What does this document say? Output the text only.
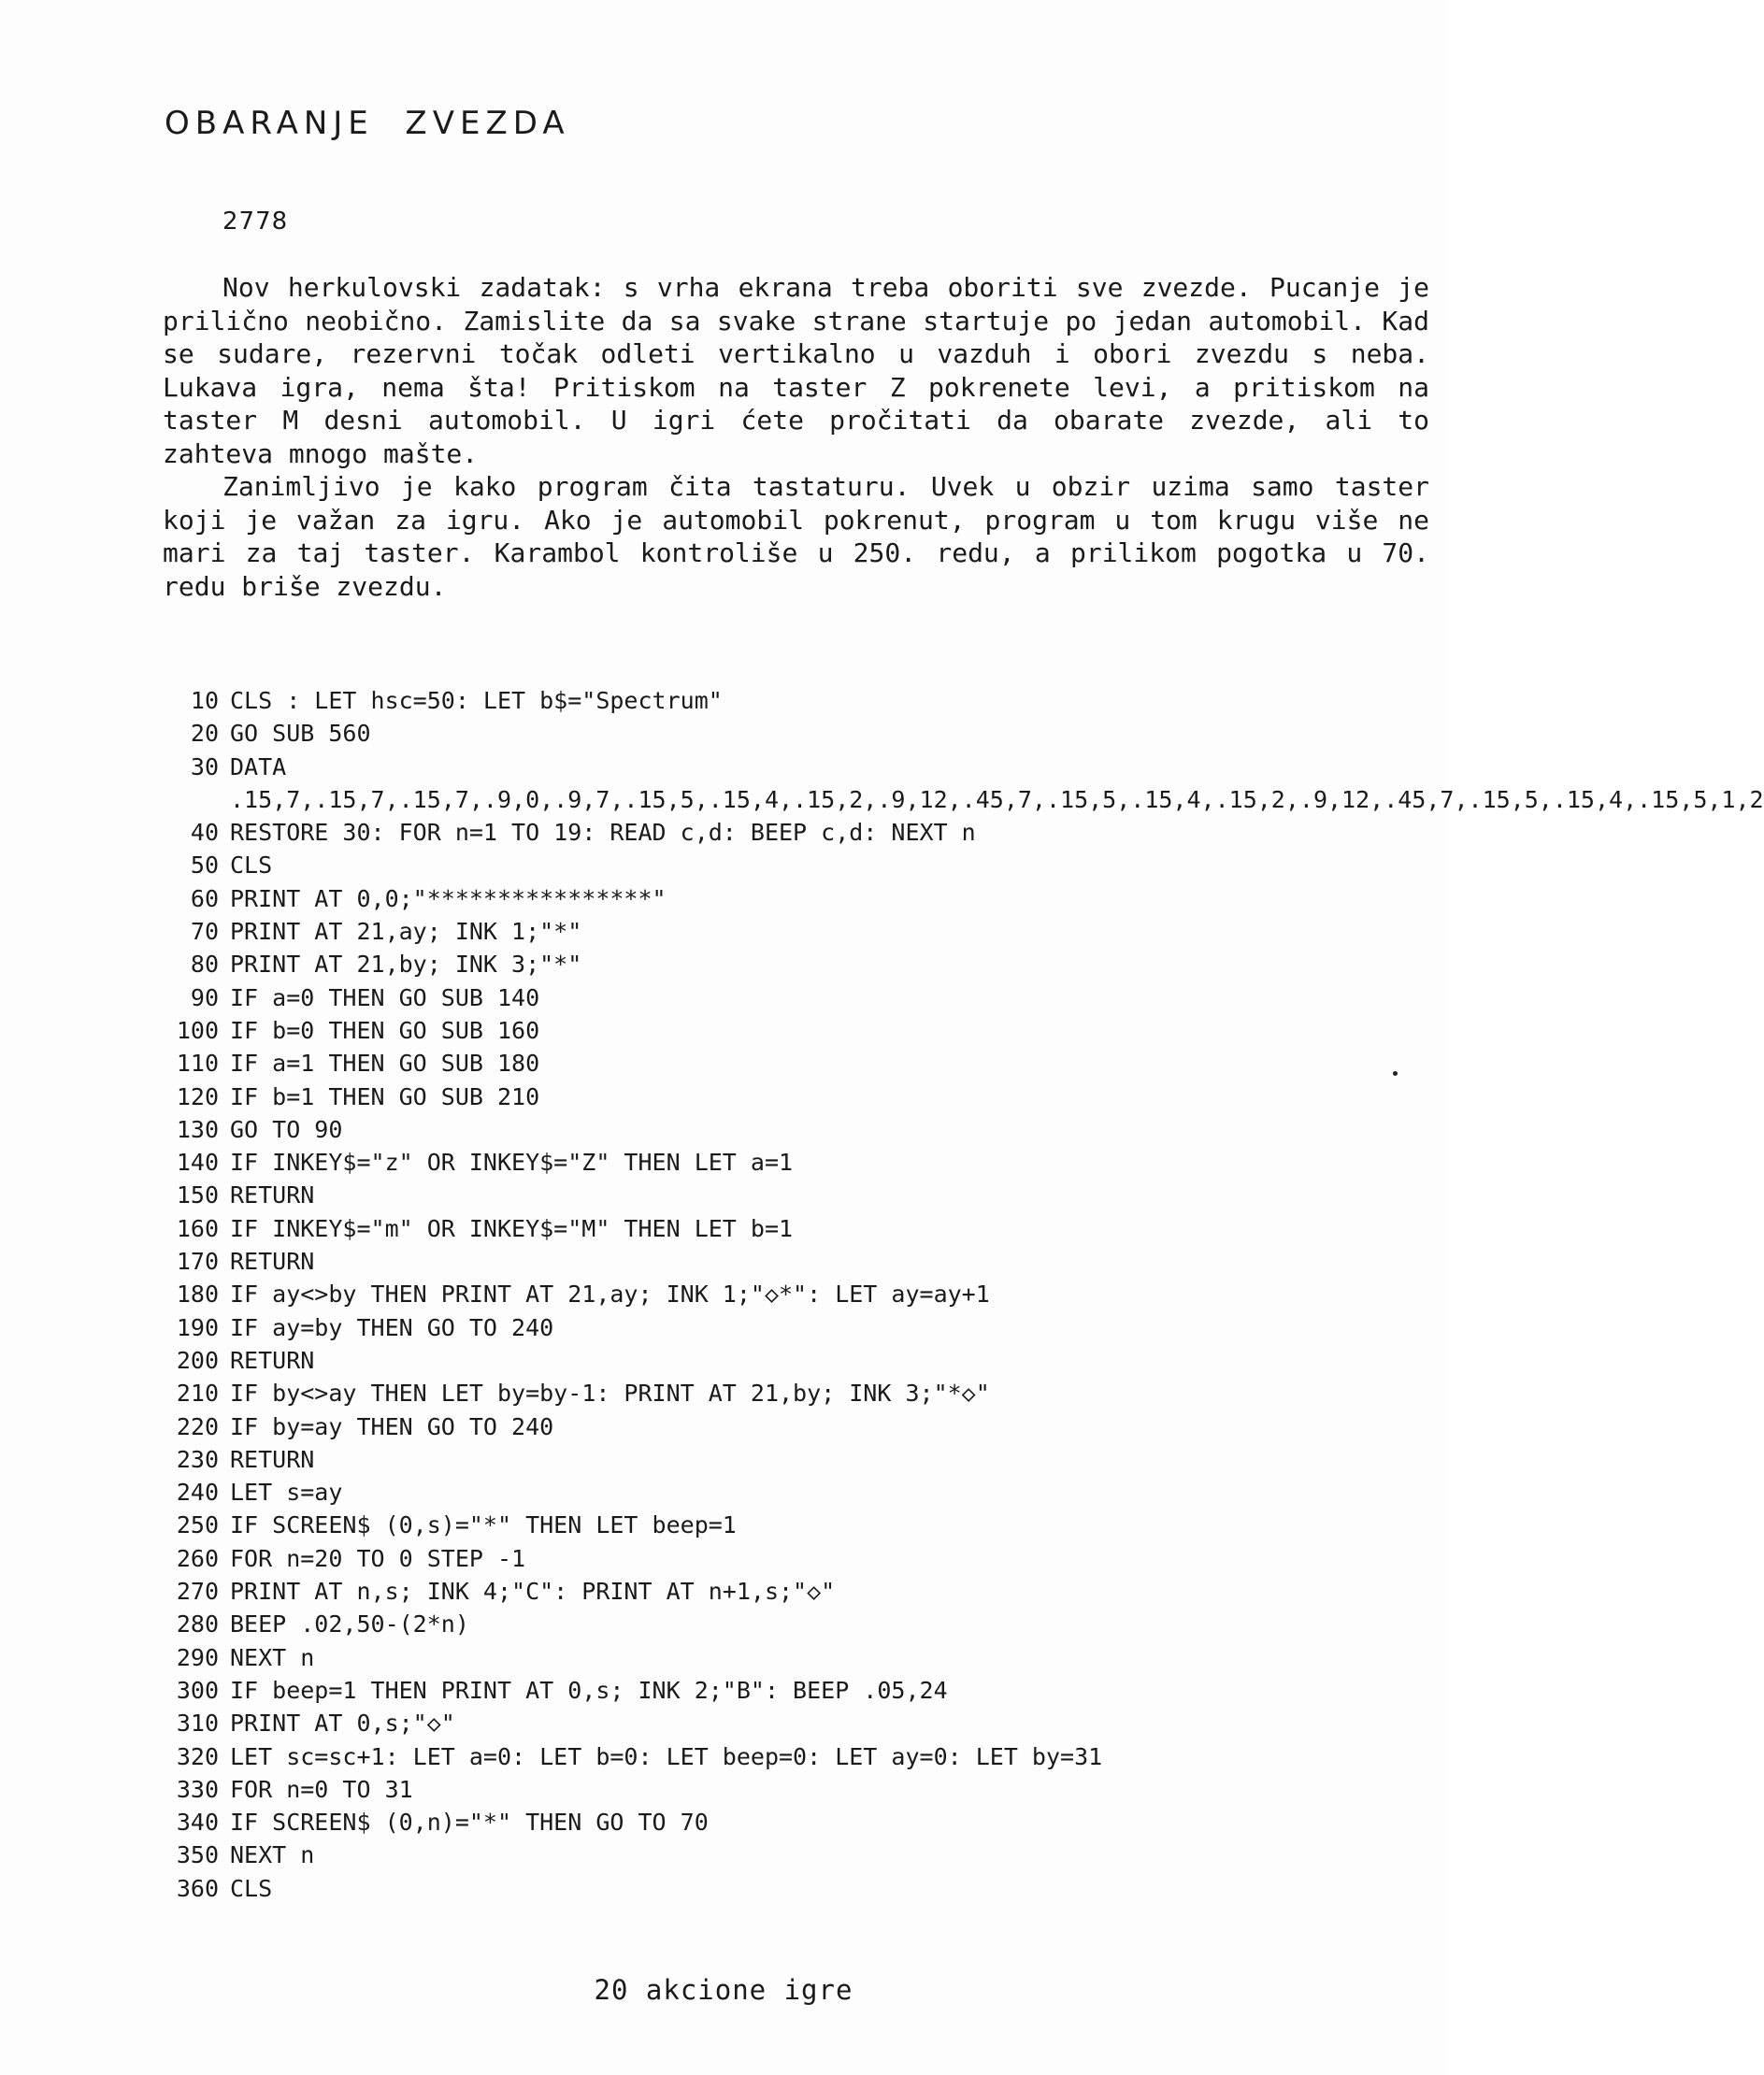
OBARANJE  ZVEZDA
2778

Nov herkulovski zadatak: s vrha ekrana treba oboriti sve zvezde. Pucanje je prilično neobično. Zamislite da sa svake strane startuje po jedan automobil. Kad se sudare, rezervni točak odleti vertikalno u vazduh i obori zvezdu s neba. Lukava igra, nema šta! Pritiskom na taster Z pokrenete levi, a pritiskom na taster M desni automobil. U igri ćete pročitati da obarate zvezde, ali to zahteva mnogo mašte.

Zanimljivo je kako program čita tastaturu. Uvek u obzir uzima samo taster koji je važan za igru. Ako je automobil pokrenut, program u tom krugu više ne mari za taj taster. Karambol kontroliše u 250. redu, a prilikom pogotka u 70. redu briše zvezdu.

10 CLS : LET hsc=50: LET b$="Spectrum"
20 GO SUB 560
30 DATA .15,7,.15,7,.15,7,.9,0,.9,7,.15,5,.15,4,.15,2,.9,12,.45,7,.15,5,.15,4,.15,2,.9,12,.45,7,.15,5,.15,4,.15,5,1,2
40 RESTORE 30: FOR n=1 TO 19: READ c,d: BEEP c,d: NEXT n
50 CLS
60 PRINT AT 0,0;"****************"
70 PRINT AT 21,ay; INK 1;"*"
80 PRINT AT 21,by; INK 3;"*"
90 IF a=0 THEN GO SUB 140
100 IF b=0 THEN GO SUB 160
110 IF a=1 THEN GO SUB 180
120 IF b=1 THEN GO SUB 210
130 GO TO 90
140 IF INKEY$="z" OR INKEY$="Z" THEN LET a=1
150 RETURN
160 IF INKEY$="m" OR INKEY$="M" THEN LET b=1
170 RETURN
180 IF ay<>by THEN PRINT AT 21,ay; INK 1;"◇*": LET ay=ay+1
190 IF ay=by THEN GO TO 240
200 RETURN
210 IF by<>ay THEN LET by=by-1: PRINT AT 21,by; INK 3;"*◇"
220 IF by=ay THEN GO TO 240
230 RETURN
240 LET s=ay
250 IF SCREEN$ (0,s)="*" THEN LET beep=1
260 FOR n=20 TO 0 STEP -1
270 PRINT AT n,s; INK 4;"C": PRINT AT n+1,s;"◇"
280 BEEP .02,50-(2*n)
290 NEXT n
300 IF beep=1 THEN PRINT AT 0,s; INK 2;"B": BEEP .05,24
310 PRINT AT 0,s;"◇"
320 LET sc=sc+1: LET a=0: LET b=0: LET beep=0: LET ay=0: LET by=31
330 FOR n=0 TO 31
340 IF SCREEN$ (0,n)="*" THEN GO TO 70
350 NEXT n
360 CLS
20 akcione igre
